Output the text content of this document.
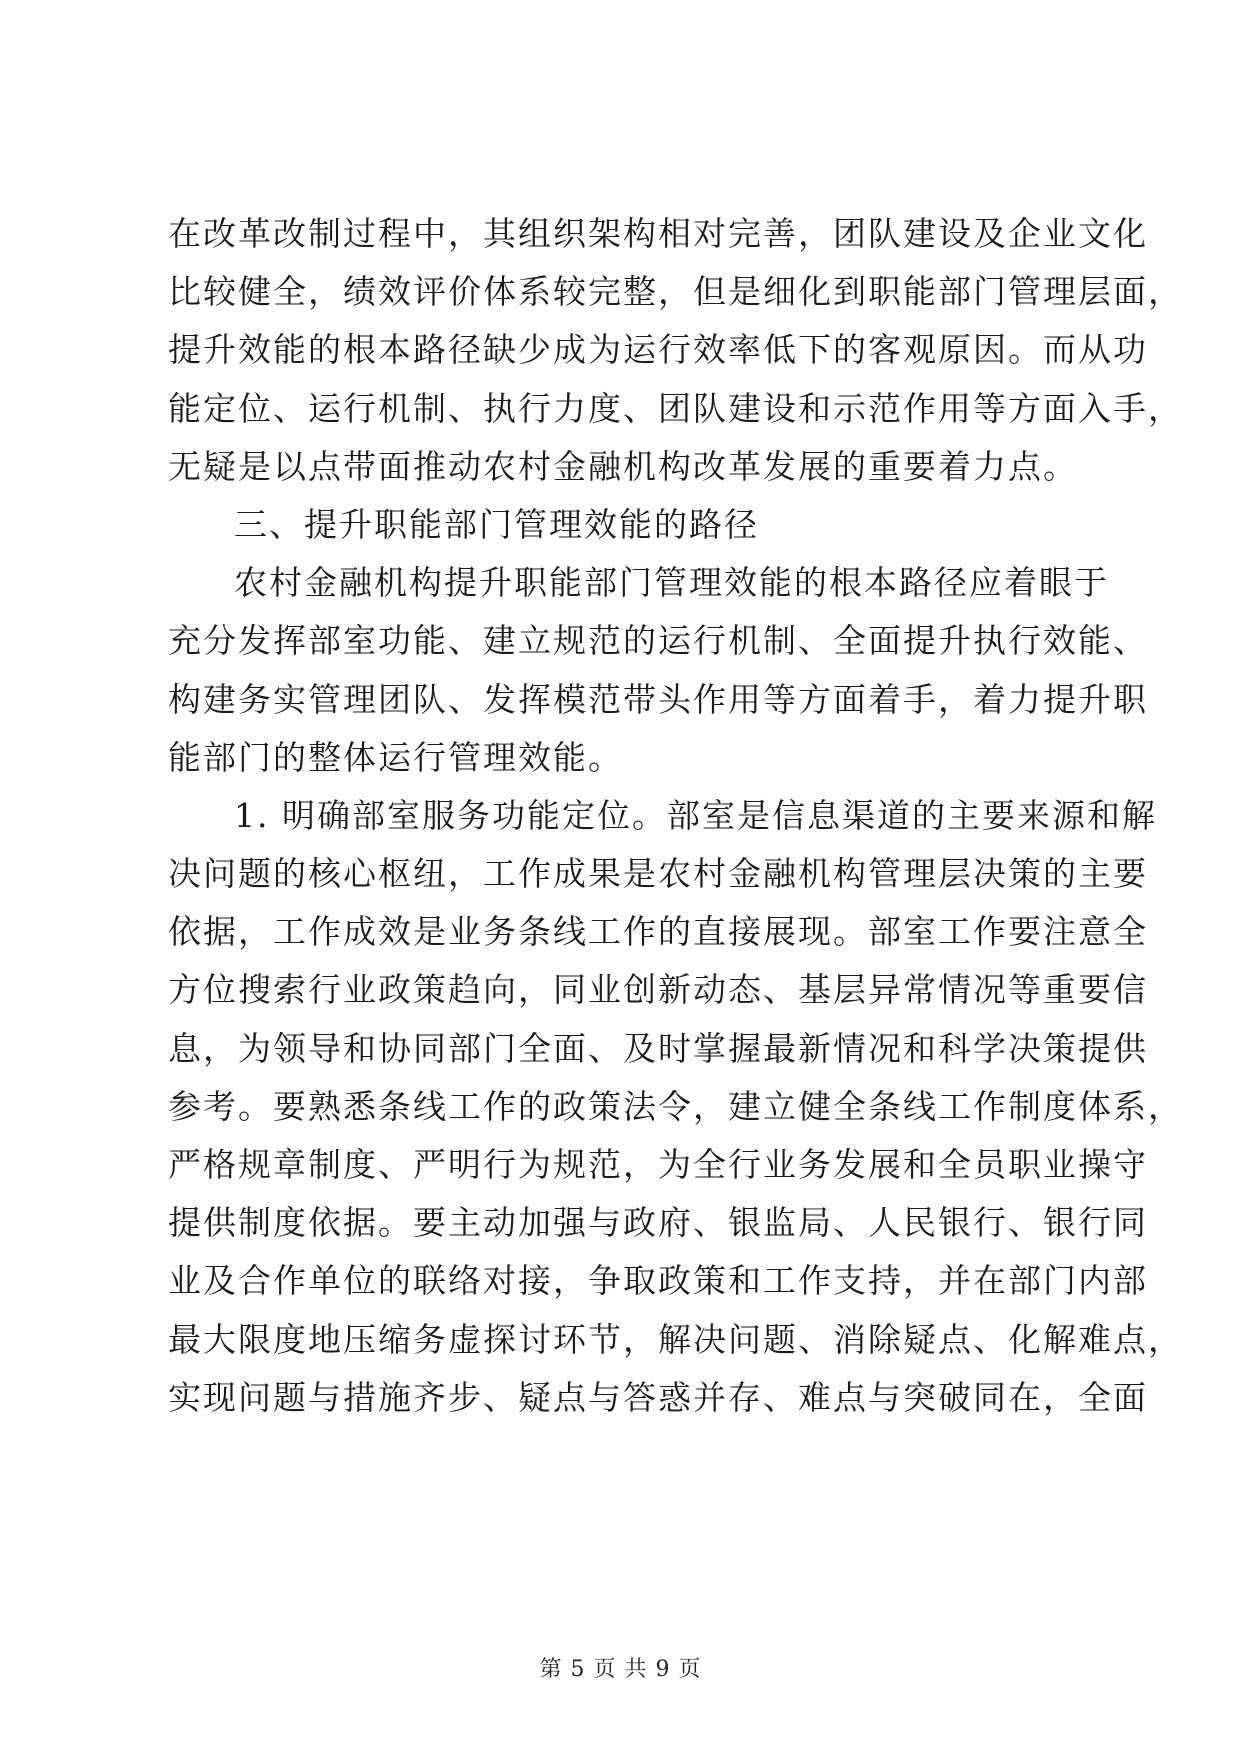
在改革改制过程中，其组织架构相对完善，团队建设及企业文化
比较健全，绩效评价体系较完整，但是细化到职能部门管理层面，
提升效能的根本路径缺少成为运行效率低下的客观原因。而从功
能定位、运行机制、执行力度、团队建设和示范作用等方面入手，
无疑是以点带面推动农村金融机构改革发展的重要着力点。
三、提升职能部门管理效能的路径
农村金融机构提升职能部门管理效能的根本路径应着眼于
充分发挥部室功能、建立规范的运行机制、全面提升执行效能、
构建务实管理团队、发挥模范带头作用等方面着手，着力提升职
能部门的整体运行管理效能。
1. 明确部室服务功能定位。部室是信息渠道的主要来源和解
决问题的核心枢纽，工作成果是农村金融机构管理层决策的主要
依据，工作成效是业务条线工作的直接展现。部室工作要注意全
方位搜索行业政策趋向，同业创新动态、基层异常情况等重要信
息，为领导和协同部门全面、及时掌握最新情况和科学决策提供
参考。要熟悉条线工作的政策法令，建立健全条线工作制度体系，
严格规章制度、严明行为规范，为全行业务发展和全员职业操守
提供制度依据。要主动加强与政府、银监局、人民银行、银行同
业及合作单位的联络对接，争取政策和工作支持，并在部门内部
最大限度地压缩务虚探讨环节，解决问题、消除疑点、化解难点，
实现问题与措施齐步、疑点与答惑并存、难点与突破同在，全面
第 5 页 共 9 页
